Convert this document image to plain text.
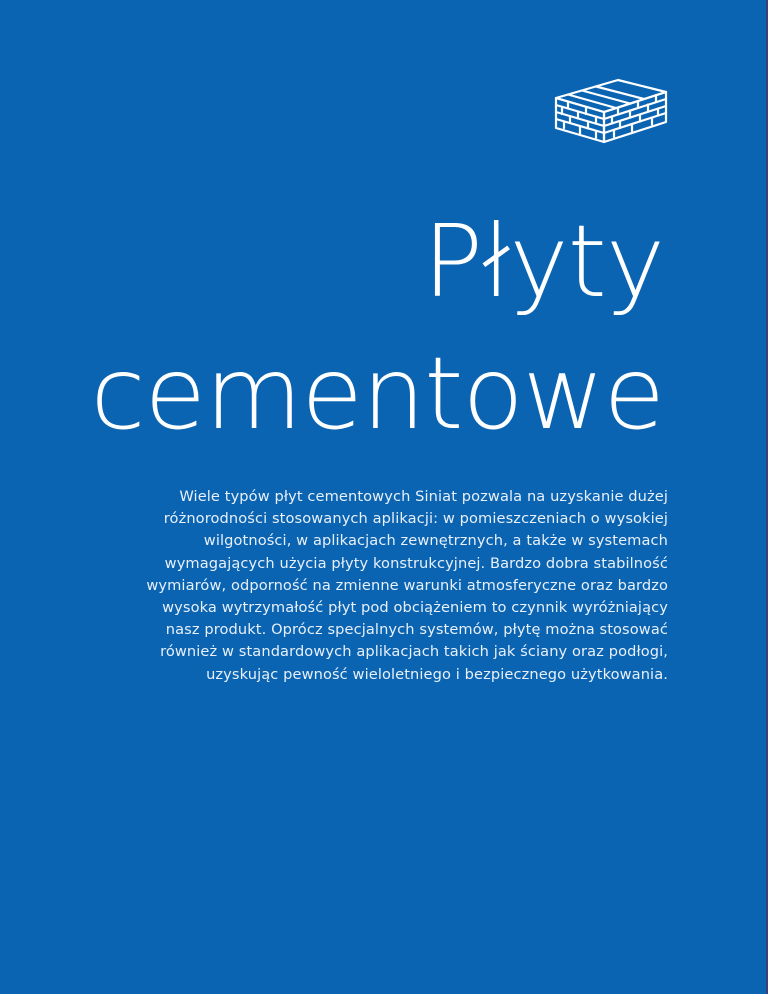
Płyty
cementowe

Wiele typów płyt cementowych Siniat pozwala na uzyskanie dużej
różnorodności stosowanych aplikacji: w pomieszczeniach o wysokiej
wilgotności, w aplikacjach zewnętrznych, a także w systemach
wymagających użycia płyty konstrukcyjnej. Bardzo dobra stabilność
wymiarów, odporność na zmienne warunki atmosferyczne oraz bardzo
wysoka wytrzymałość płyt pod obciążeniem to czynnik wyróżniający
nasz produkt. Oprócz specjalnych systemów, płytę można stosować
również w standardowych aplikacjach takich jak ściany oraz podłogi,
uzyskując pewność wieloletniego i bezpiecznego użytkowania.
